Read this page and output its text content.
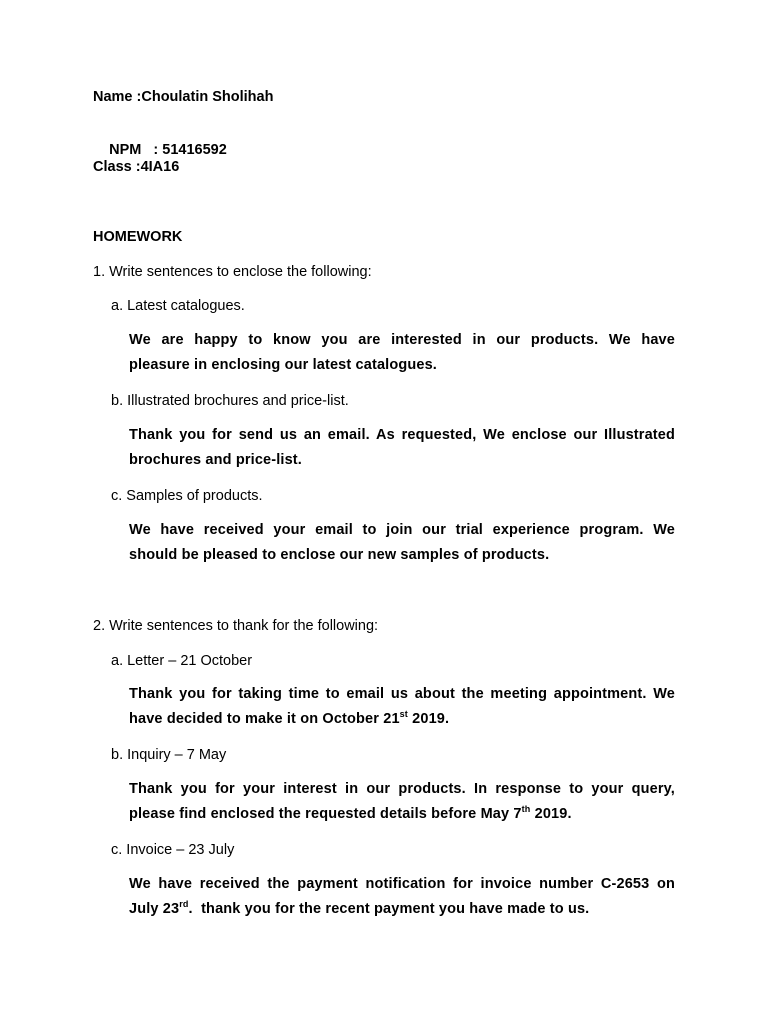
Name :Choulatin Sholihah

NPM   : 51416592

Class :4IA16
HOMEWORK
1. Write sentences to enclose the following:
a. Latest catalogues.
We are happy to know you are interested in our products. We have
pleasure in enclosing our latest catalogues.
b. Illustrated brochures and price-list.
Thank you for send us an email. As requested, We enclose our Illustrated
brochures and price-list.
c. Samples of products.
We have received your email to join our trial experience program. We
should be pleased to enclose our new samples of products.
2. Write sentences to thank for the following:
a. Letter – 21 October
Thank you for taking time to email us about the meeting appointment. We
have decided to make it on October 21st 2019.
b. Inquiry – 7 May
Thank you for your interest in our products. In response to your query,
please find enclosed the requested details before May 7th 2019.
c. Invoice – 23 July
We have received the payment notification for invoice number C-2653 on
July 23rd.  thank you for the recent payment you have made to us.
